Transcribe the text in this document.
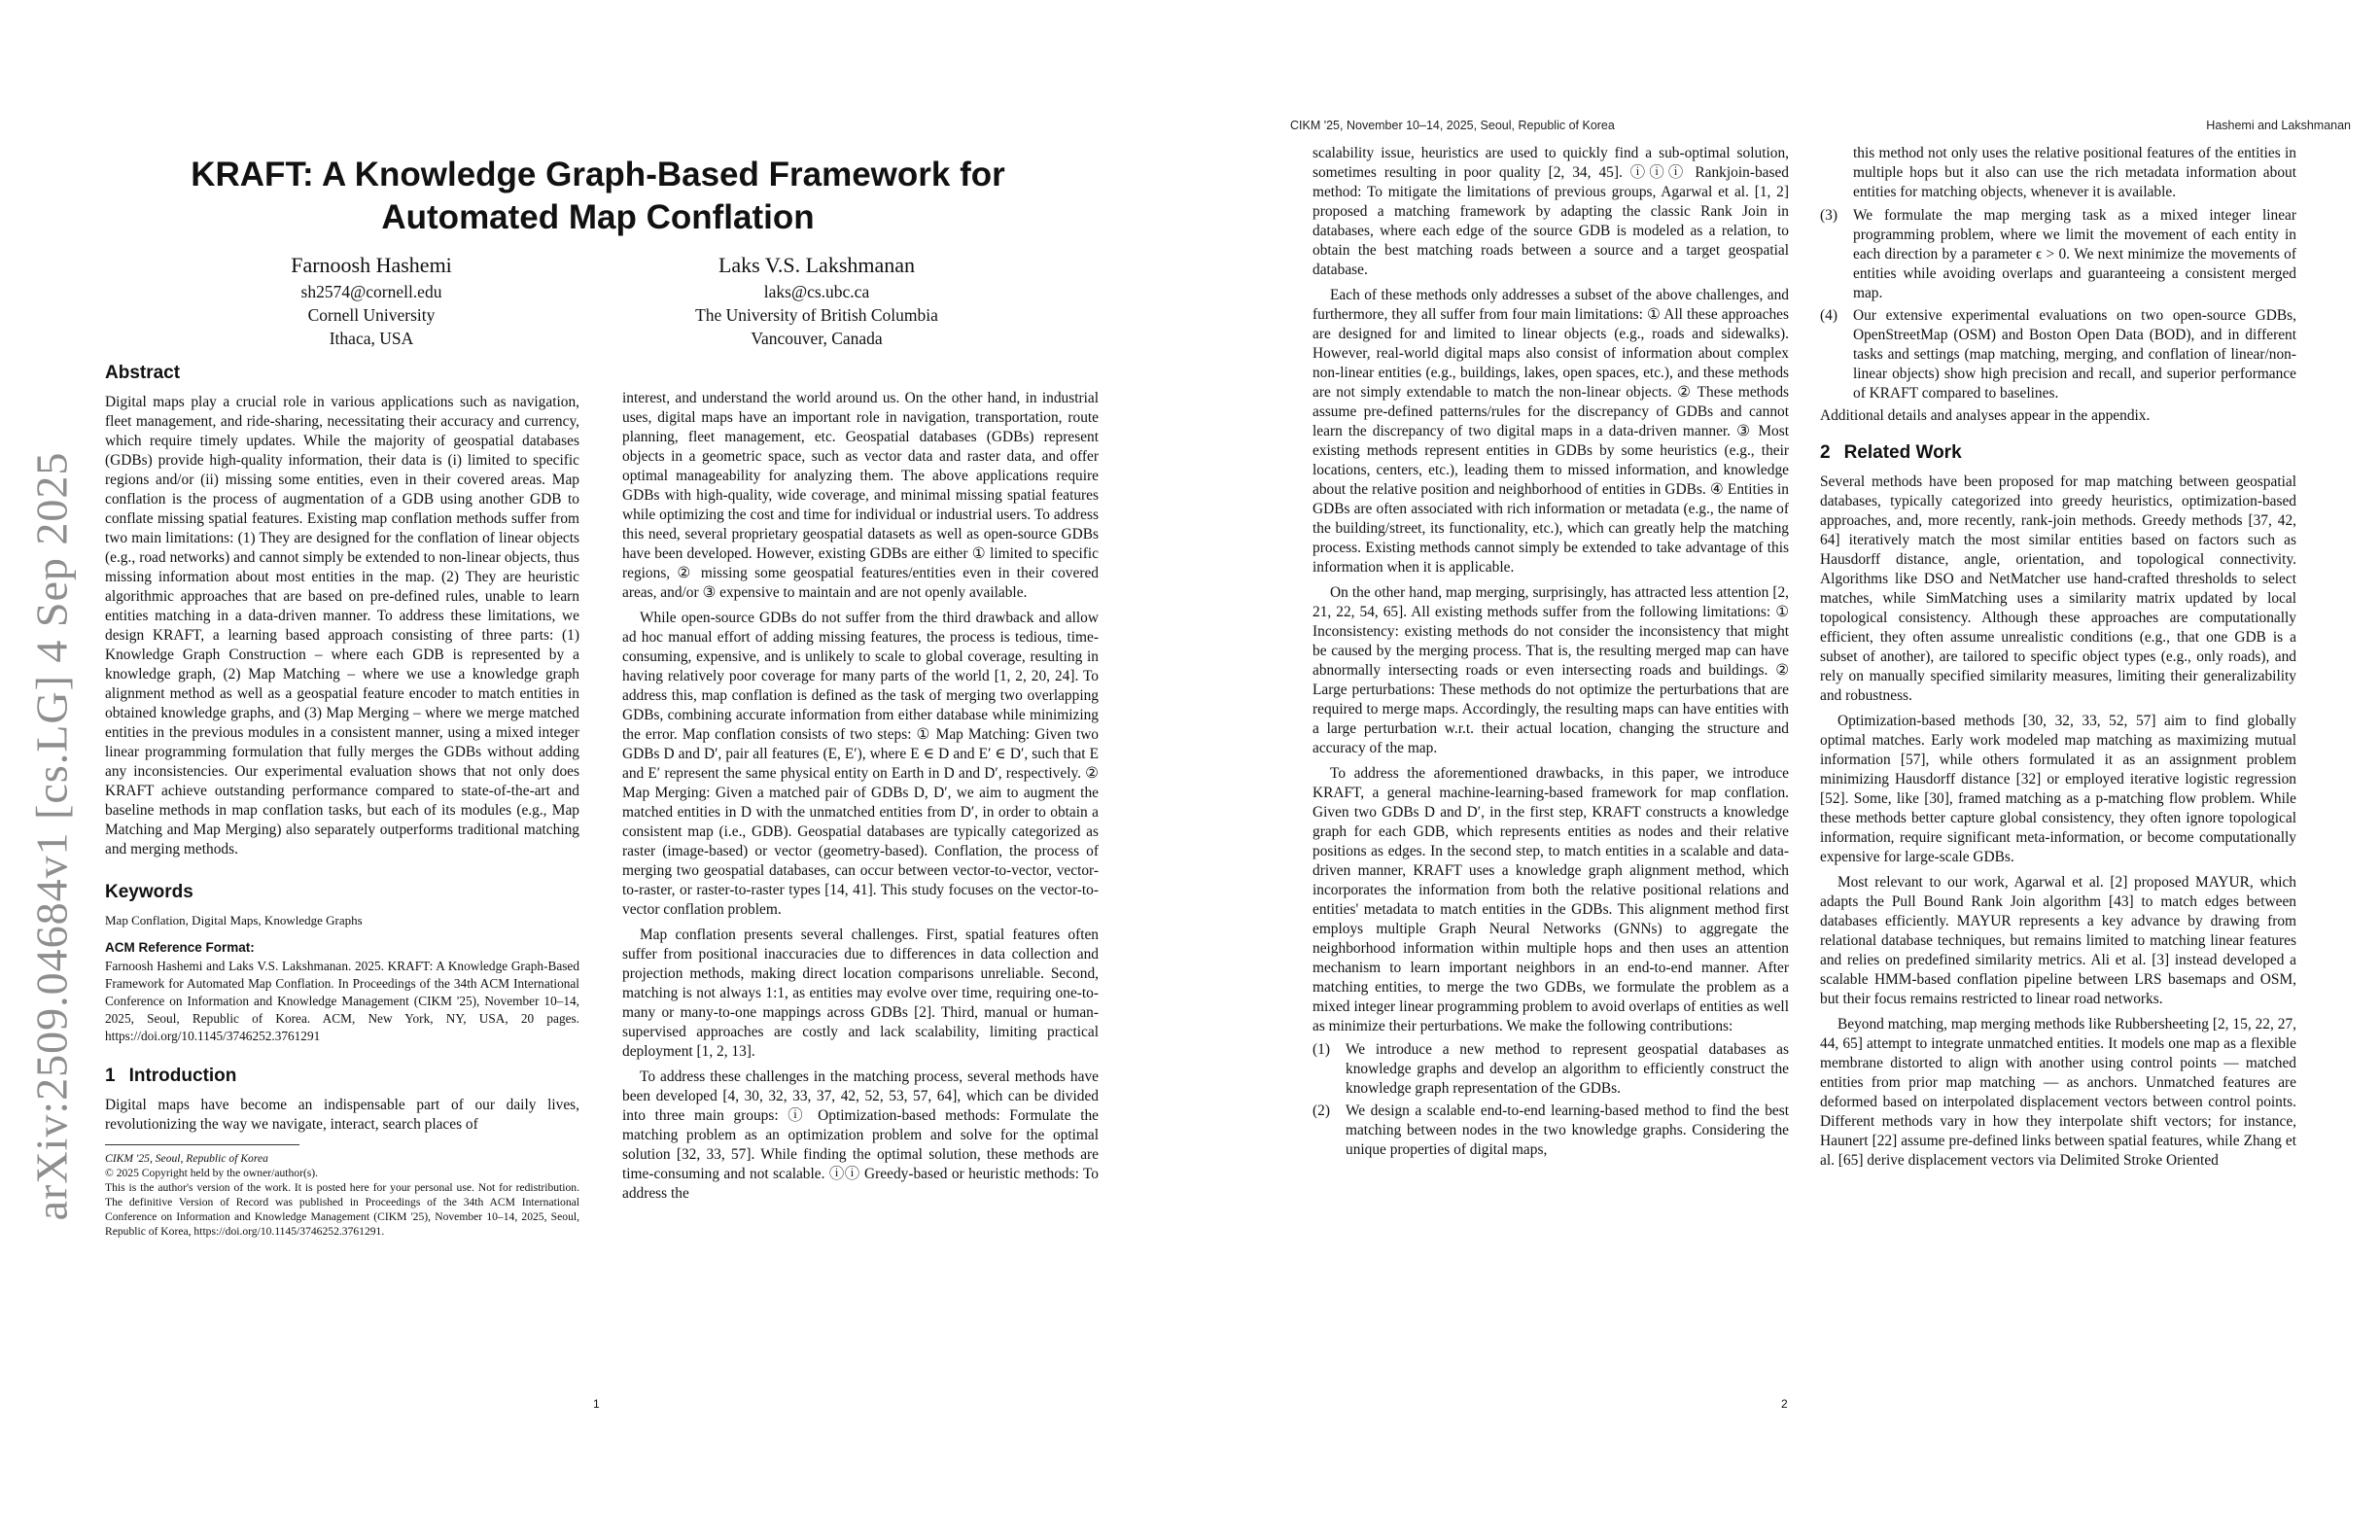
arXiv:2509.04684v1 [cs.LG] 4 Sep 2025
KRAFT: A Knowledge Graph-Based Framework for Automated Map Conflation
Farnoosh Hashemi
sh2574@cornell.edu
Cornell University
Ithaca, USA
Laks V.S. Lakshmanan
laks@cs.ubc.ca
The University of British Columbia
Vancouver, Canada
Abstract

Digital maps play a crucial role in various applications such as navigation, fleet management, and ride-sharing, necessitating their accuracy and currency, which require timely updates. While the majority of geospatial databases (GDBs) provide high-quality information, their data is (i) limited to specific regions and/or (ii) missing some entities, even in their covered areas. Map conflation is the process of augmentation of a GDB using another GDB to conflate missing spatial features. Existing map conflation methods suffer from two main limitations: (1) They are designed for the conflation of linear objects (e.g., road networks) and cannot simply be extended to non-linear objects, thus missing information about most entities in the map. (2) They are heuristic algorithmic approaches that are based on pre-defined rules, unable to learn entities matching in a data-driven manner. To address these limitations, we design KRAFT, a learning based approach consisting of three parts: (1) Knowledge Graph Construction – where each GDB is represented by a knowledge graph, (2) Map Matching – where we use a knowledge graph alignment method as well as a geospatial feature encoder to match entities in obtained knowledge graphs, and (3) Map Merging – where we merge matched entities in the previous modules in a consistent manner, using a mixed integer linear programming formulation that fully merges the GDBs without adding any inconsistencies. Our experimental evaluation shows that not only does KRAFT achieve outstanding performance compared to state-of-the-art and baseline methods in map conflation tasks, but each of its modules (e.g., Map Matching and Map Merging) also separately outperforms traditional matching and merging methods.

Keywords

Map Conflation, Digital Maps, Knowledge Graphs

ACM Reference Format:

Farnoosh Hashemi and Laks V.S. Lakshmanan. 2025. KRAFT: A Knowledge Graph-Based Framework for Automated Map Conflation. In Proceedings of the 34th ACM International Conference on Information and Knowledge Management (CIKM '25), November 10–14, 2025, Seoul, Republic of Korea. ACM, New York, NY, USA, 20 pages. https://doi.org/10.1145/3746252.3761291

1 Introduction

Digital maps have become an indispensable part of our daily lives, revolutionizing the way we navigate, interact, search places of

CIKM '25, Seoul, Republic of Korea
© 2025 Copyright held by the owner/author(s).
This is the author's version of the work. It is posted here for your personal use. Not for redistribution. The definitive Version of Record was published in Proceedings of the 34th ACM International Conference on Information and Knowledge Management (CIKM '25), November 10–14, 2025, Seoul, Republic of Korea, https://doi.org/10.1145/3746252.3761291.

interest, and understand the world around us. On the other hand, in industrial uses, digital maps have an important role in navigation, transportation, route planning, fleet management, etc. Geospatial databases (GDBs) represent objects in a geometric space, such as vector data and raster data, and offer optimal manageability for analyzing them. The above applications require GDBs with high-quality, wide coverage, and minimal missing spatial features while optimizing the cost and time for individual or industrial users. To address this need, several proprietary geospatial datasets as well as open-source GDBs have been developed. However, existing GDBs are either ① limited to specific regions, ② missing some geospatial features/entities even in their covered areas, and/or ③ expensive to maintain and are not openly available.

While open-source GDBs do not suffer from the third drawback and allow ad hoc manual effort of adding missing features, the process is tedious, time-consuming, expensive, and is unlikely to scale to global coverage, resulting in having relatively poor coverage for many parts of the world [1, 2, 20, 24]. To address this, map conflation is defined as the task of merging two overlapping GDBs, combining accurate information from either database while minimizing the error. Map conflation consists of two steps: ① Map Matching: Given two GDBs D and D′, pair all features (E, E′), where E ∈ D and E′ ∈ D′, such that E and E′ represent the same physical entity on Earth in D and D′, respectively. ② Map Merging: Given a matched pair of GDBs D, D′, we aim to augment the matched entities in D with the unmatched entities from D′, in order to obtain a consistent map (i.e., GDB). Geospatial databases are typically categorized as raster (image-based) or vector (geometry-based). Conflation, the process of merging two geospatial databases, can occur between vector-to-vector, vector-to-raster, or raster-to-raster types [14, 41]. This study focuses on the vector-to-vector conflation problem.

Map conflation presents several challenges. First, spatial features often suffer from positional inaccuracies due to differences in data collection and projection methods, making direct location comparisons unreliable. Second, matching is not always 1:1, as entities may evolve over time, requiring one-to-many or many-to-one mappings across GDBs [2]. Third, manual or human-supervised approaches are costly and lack scalability, limiting practical deployment [1, 2, 13].

To address these challenges in the matching process, several methods have been developed [4, 30, 32, 33, 37, 42, 52, 53, 57, 64], which can be divided into three main groups: ⓘ Optimization-based methods: Formulate the matching problem as an optimization problem and solve for the optimal solution [32, 33, 57]. While finding the optimal solution, these methods are time-consuming and not scalable. ⓘⓘ Greedy-based or heuristic methods: To address the

1
CIKM '25, November 10–14, 2025, Seoul, Republic of Korea	Hashemi and Lakshmanan

scalability issue, heuristics are used to quickly find a sub-optimal solution, sometimes resulting in poor quality [2, 34, 45]. ⓘⓘⓘ Rankjoin-based method: To mitigate the limitations of previous groups, Agarwal et al. [1, 2] proposed a matching framework by adapting the classic Rank Join in databases, where each edge of the source GDB is modeled as a relation, to obtain the best matching roads between a source and a target geospatial database.

Each of these methods only addresses a subset of the above challenges, and furthermore, they all suffer from four main limitations: ① All these approaches are designed for and limited to linear objects (e.g., roads and sidewalks). However, real-world digital maps also consist of information about complex non-linear entities (e.g., buildings, lakes, open spaces, etc.), and these methods are not simply extendable to match the non-linear objects. ② These methods assume pre-defined patterns/rules for the discrepancy of GDBs and cannot learn the discrepancy of two digital maps in a data-driven manner. ③ Most existing methods represent entities in GDBs by some heuristics (e.g., their locations, centers, etc.), leading them to missed information, and knowledge about the relative position and neighborhood of entities in GDBs. ④ Entities in GDBs are often associated with rich information or metadata (e.g., the name of the building/street, its functionality, etc.), which can greatly help the matching process. Existing methods cannot simply be extended to take advantage of this information when it is applicable.

On the other hand, map merging, surprisingly, has attracted less attention [2, 21, 22, 54, 65]. All existing methods suffer from the following limitations: ① Inconsistency: existing methods do not consider the inconsistency that might be caused by the merging process. That is, the resulting merged map can have abnormally intersecting roads or even intersecting roads and buildings. ② Large perturbations: These methods do not optimize the perturbations that are required to merge maps. Accordingly, the resulting maps can have entities with a large perturbation w.r.t. their actual location, changing the structure and accuracy of the map.

To address the aforementioned drawbacks, in this paper, we introduce KRAFT, a general machine-learning-based framework for map conflation. Given two GDBs D and D′, in the first step, KRAFT constructs a knowledge graph for each GDB, which represents entities as nodes and their relative positions as edges. In the second step, to match entities in a scalable and data-driven manner, KRAFT uses a knowledge graph alignment method, which incorporates the information from both the relative positional relations and entities' metadata to match entities in the GDBs. This alignment method first employs multiple Graph Neural Networks (GNNs) to aggregate the neighborhood information within multiple hops and then uses an attention mechanism to learn important neighbors in an end-to-end manner. After matching entities, to merge the two GDBs, we formulate the problem as a mixed integer linear programming problem to avoid overlaps of entities as well as minimize their perturbations. We make the following contributions:

(1) We introduce a new method to represent geospatial databases as knowledge graphs and develop an algorithm to efficiently construct the knowledge graph representation of the GDBs.
(2) We design a scalable end-to-end learning-based method to find the best matching between nodes in the two knowledge graphs. Considering the unique properties of digital maps,
this method not only uses the relative positional features of the entities in multiple hops but it also can use the rich metadata information about entities for matching objects, whenever it is available.
(3) We formulate the map merging task as a mixed integer linear programming problem, where we limit the movement of each entity in each direction by a parameter ϵ > 0. We next minimize the movements of entities while avoiding overlaps and guaranteeing a consistent merged map.
(4) Our extensive experimental evaluations on two open-source GDBs, OpenStreetMap (OSM) and Boston Open Data (BOD), and in different tasks and settings (map matching, merging, and conflation of linear/non-linear objects) show high precision and recall, and superior performance of KRAFT compared to baselines.

Additional details and analyses appear in the appendix.

2 Related Work

Several methods have been proposed for map matching between geospatial databases, typically categorized into greedy heuristics, optimization-based approaches, and, more recently, rank-join methods. Greedy methods [37, 42, 64] iteratively match the most similar entities based on factors such as Hausdorff distance, angle, orientation, and topological connectivity. Algorithms like DSO and NetMatcher use hand-crafted thresholds to select matches, while SimMatching uses a similarity matrix updated by local topological consistency. Although these approaches are computationally efficient, they often assume unrealistic conditions (e.g., that one GDB is a subset of another), are tailored to specific object types (e.g., only roads), and rely on manually specified similarity measures, limiting their generalizability and robustness.

Optimization-based methods [30, 32, 33, 52, 57] aim to find globally optimal matches. Early work modeled map matching as maximizing mutual information [57], while others formulated it as an assignment problem minimizing Hausdorff distance [32] or employed iterative logistic regression [52]. Some, like [30], framed matching as a p-matching flow problem. While these methods better capture global consistency, they often ignore topological information, require significant meta-information, or become computationally expensive for large-scale GDBs.

Most relevant to our work, Agarwal et al. [2] proposed MAYUR, which adapts the Pull Bound Rank Join algorithm [43] to match edges between databases efficiently. MAYUR represents a key advance by drawing from relational database techniques, but remains limited to matching linear features and relies on predefined similarity metrics. Ali et al. [3] instead developed a scalable HMM-based conflation pipeline between LRS basemaps and OSM, but their focus remains restricted to linear road networks.

Beyond matching, map merging methods like Rubbersheeting [2, 15, 22, 27, 44, 65] attempt to integrate unmatched entities. It models one map as a flexible membrane distorted to align with another using control points — matched entities from prior map matching — as anchors. Unmatched features are deformed based on interpolated displacement vectors between control points. Different methods vary in how they interpolate shift vectors; for instance, Haunert [22] assume pre-defined links between spatial features, while Zhang et al. [65] derive displacement vectors via Delimited Stroke Oriented

2
